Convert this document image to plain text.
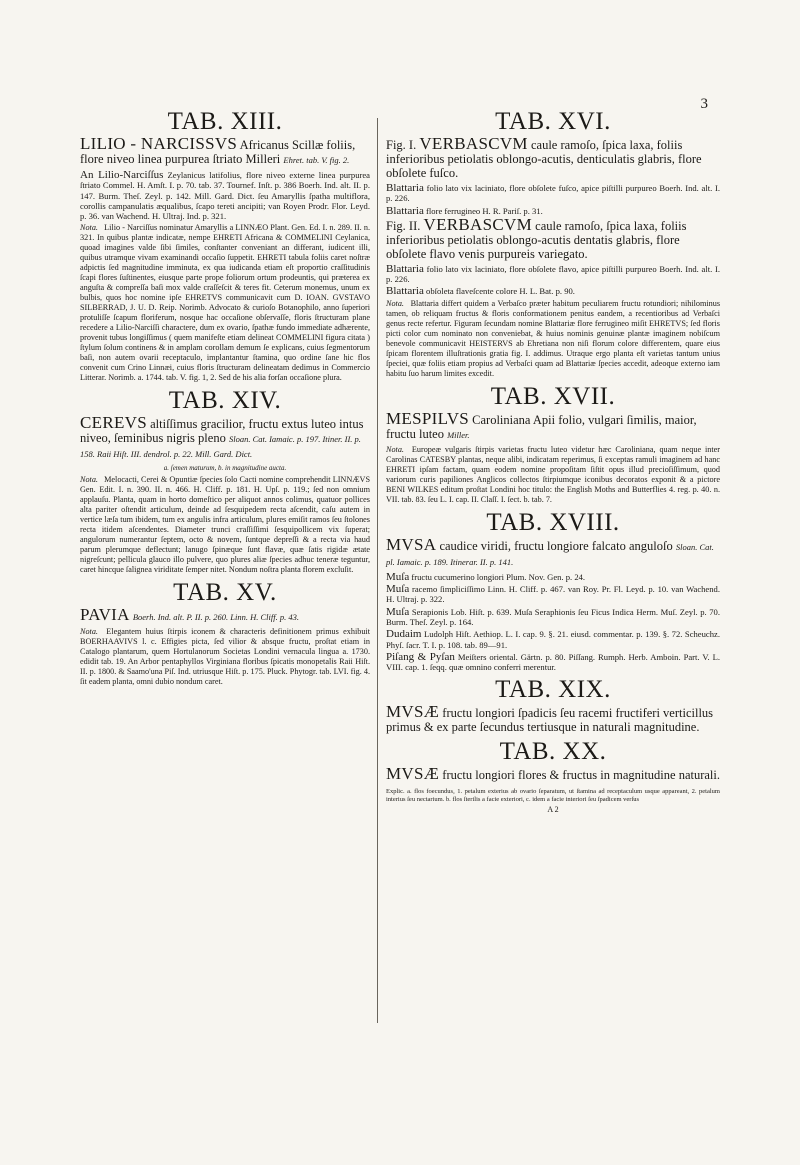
3
TAB. XIII.

LILIO - NARCISSVS Africanus Scillæ foliis, flore niveo linea purpurea ſtriato Milleri Ehret. tab. V. fig. 2.

An Lilio-Narciſſus Zeylanicus latifolius, flore niveo externe linea purpurea ſtriato Commel. H. Amſt. I. p. 70. tab. 37. Tournef. Inſt. p. 386 Boerh. Ind. alt. II. p. 147. Burm. Theſ. Zeyl. p. 142. Mill. Gard. Dict. ſeu Amaryllis ſpatha multiflora, corollis campanulatis æqualibus, ſcapo tereti ancipiti; van Royen Prodr. Flor. Leyd. p. 36. van Wachend. H. Ultraj. Ind. p. 321.

Nota. Lilio - Narciſſus nominatur Amaryllis a LINNÆO Plant. Gen. Ed. I. n. 289. II. n. 321. In quibus plantæ indicatæ, nempe EHRETI Africana & COMMELINI Ceylanica, quoad imagines valde ſibi ſimiles, conſtanter conveniant an differant, iudicent illi, quibus utramque vivam examinandi occaſio ſuppetit. EHRETI tabula foliis caret noſtræ adpictis ſed magnitudine imminuta, ex qua iudicanda etiam eſt proportio craſſitudinis ſcapi flores ſuſtinentes, eiusque parte prope foliorum ortum prodeuntis, qui præterea ex anguſta & compreſſa baſi mox valde craſſeſcit & teres fit. Ceterum monemus, unum ex bulbis, quos hoc nomine ipſe EHRETVS communicavit cum D. IOAN. GVSTAVO SILBERRAD, J. U. D. Reip. Norimb. Advocato & curioſo Botanophilo, anno ſuperiori protuliſſe ſcapum floriferum, nosque hac occaſione obſervaſſe, floris ſtructuram plane recedere a Lilio-Narciſſi charactere, dum ex ovario, ſpathæ fundo immediate adhærente, provenit tubus longiſſimus ( quem manifeſte etiam delineat COMMELINI figura citata ) ſtylum ſolum continens & in amplam corollam demum ſe explicans, cuius ſegmentorum baſi, non autem ovarii receptaculo, implantantur ſtamina, quo ordine ſane hic flos convenit cum Crino Linnæi, cuius floris ſtructuram delineatam dedimus in Commercio Litterar. Norimb. a. 1744. tab. V. fig. 1, 2. Sed de his alia forſan occaſione plura.

TAB. XIV.

CEREVS altiſſimus gracilior, fructu extus luteo intus niveo, ſeminibus nigris pleno Sloan. Cat. Iamaic. p. 197. Itiner. II. p. 158. Raii Hiſt. III. dendrol. p. 22. Mill. Gard. Dict.

a. ſemen maturum, b. in magnitudine aucta.

Nota. Melocacti, Cerei & Opuntiæ ſpecies ſolo Cacti nomine comprehendit LINNÆVS Gen. Edit. I. n. 390. II. n. 466. H. Cliff. p. 181. H. Upſ. p. 119.; ſed non omnium applauſu. Planta, quam in horto domeſtico per aliquot annos colimus, quatuor pollices alta pariter oſtendit articulum, deinde ad ſesquipedem recta aſcendit, caſu autem in vertice læſa tum ibidem, tum ex angulis infra articulum, plures emiſit ramos ſeu ſtolones recta itidem aſcendentes. Diameter trunci craſſiſſimi ſesquipollicem vix ſuperat; angulorum numerantur ſeptem, octo & novem, ſuntque depreſſi & a recta via haud parum plerumque deflectunt; lanugo ſpinæque ſunt flavæ, quæ ſatis rigidæ ætate nigreſcunt; pellicula glauco illo pulvere, quo plures aliæ ſpecies adhuc teneræ teguntur, caret hincque ſaligneа viriditate ſemper nitet. Nondum noſtra planta florem excluſit.

TAB. XV.

PAVIA Boerh. Ind. alt. P. II. p. 260. Linn. H. Cliff. p. 43.

Nota. Elegantem huius ſtirpis iconem & characteris definitionem primus exhibuit BOERHAAVIVS l. c. Effigies picta, ſed vilior & absque fructu, proſtat etiam in Catalogo plantarum, quem Hortulanorum Societas Londini vernacula lingua a. 1730. edidit tab. 19. An Arbor pentaphyllos Virginiana floribus ſpicatis monopetalis Raii Hiſt. II. p. 1800. & Saamo'una Piſ. Ind. utriusque Hiſt. p. 175. Pluck. Phytogr. tab. LVI. fig. 4. ſit eadem planta, omni dubio nondum caret.

TAB. XVI.

Fig. I. VERBASCVM caule ramoſo, ſpica laxa, foliis inferioribus petiolatis oblongo-acutis, denticulatis glabris, flore obſolete fuſco.

Blattaria folio lato vix laciniato, flore obſolete fuſco, apice piſtilli purpureo Boerh. Ind. alt. I. p. 226.

Blattaria flore ferrugineo H. R. Pariſ. p. 31.

Fig. II. VERBASCVM caule ramoſo, ſpica laxa, foliis inferioribus petiolatis oblongo-acutis dentatis glabris, flore obſolete flavo venis purpureis variegato.

Blattaria folio lato vix laciniato, flore obſolete flavo, apice piſtilli purpureo Boerh. Ind. alt. I. p. 226.

Blattaria obſoletа flaveſcente colore H. L. Bat. p. 90.

Nota. Blattaria differt quidem a Verbaſco præter habitum peculiarem fructu rotundiori; nihilominus tamen, ob reliquam fructus & floris conformationem penitus eandem, a recentioribus ad Verbaſci genus recte refertur. Figuram ſecundam nomine Blattariæ flore ferrugineo miſit EHRETVS; ſed floris picti color cum nominato non conveniebat, & huius nominis genuinæ plantæ imaginem nobiſcum benevole communicavit HEISTERVS ab Ehretiana non niſi florum colore differentem, quare eius ſpicam florentem illuſtrationis gratia fig. I. addimus. Utraque ergo planta eſt varietas tantum unius ſpeciei, quæ foliis etiam propius ad Verbaſci quam ad Blattariæ ſpecies accedit, adeoque externo iam habitu ſuo harum limites excedit.

TAB. XVII.

MESPILVS Caroliniana Apii folio, vulgari ſimilis, maior, fructu luteo Miller.

Nota. Europeæ vulgaris ſtirpis varietas fructu luteo videtur hæc Caroliniana, quam neque inter Carolinas CATESBY plantas, neque alibi, indicatam reperimus, ſi exceptas ramuli imaginem ad hanc EHRETI ipſam factam, quam eodem nomine propoſitam ſiſtit opus illud precioſiſſimum, quod variorum curis papiliones Anglicos collectos ſtirpiumque iconibus decoratos exponit & a pictore BENI WILKES editum proſtat Londini hoc titulo: the English Moths and Butterflies 4. reg. p. 40. n. VII. tab. 83. ſeu L. I. cap. II. Claſſ. I. ſect. b. tab. 7.

TAB. XVIII.

MVSA caudice viridi, fructu longiore falcato anguloſo Sloan. Cat. pl. Iamaic. p. 189. Itinerar. II. p. 141.

Muſa fructu cucumerino longiori Plum. Nov. Gen. p. 24.

Muſa racemo ſimpliciſſimo Linn. H. Cliff. p. 467. van Roy. Pr. Fl. Leyd. p. 10. van Wachend. H. Ultraj. p. 322.

Muſa Serapionis Lob. Hiſt. p. 639. Muſa Seraphionis ſeu Ficus Indica Herm. Muſ. Zeyl. p. 70. Burm. Theſ. Zeyl. p. 164.

Dudaim Ludolph Hiſt. Aethiop. L. I. cap. 9. §. 21. eiusd. commentar. p. 139. §. 72. Scheuchz. Phyſ. ſacr. T. I. p. 108. tab. 89—91.

Piſang & Pyſan Meiſters oriental. Gärtn. p. 80. Piſſang. Rumph. Herb. Amboin. Part. V. L. VIII. cap. 1. ſeqq. quæ omnino conferri merentur.

TAB. XIX.

MVSÆ fructu longiori ſpadicis ſeu racemi fructiferi verticillus primus & ex parte ſecundus tertiusque in naturali magnitudine.

TAB. XX.

MVSÆ fructu longiori flores & fructus in magnitudine naturali.

Explic. a. flos foecundus, 1. petalum exterius ab ovario ſeparatum, ut ſtamina ad receptaculum usque appareant, 2. petalum interius ſeu nectarium. b. flos ſterilis a facie exteriori, c. idem a facie interiori ſeu ſpadicem verſus
A 2
